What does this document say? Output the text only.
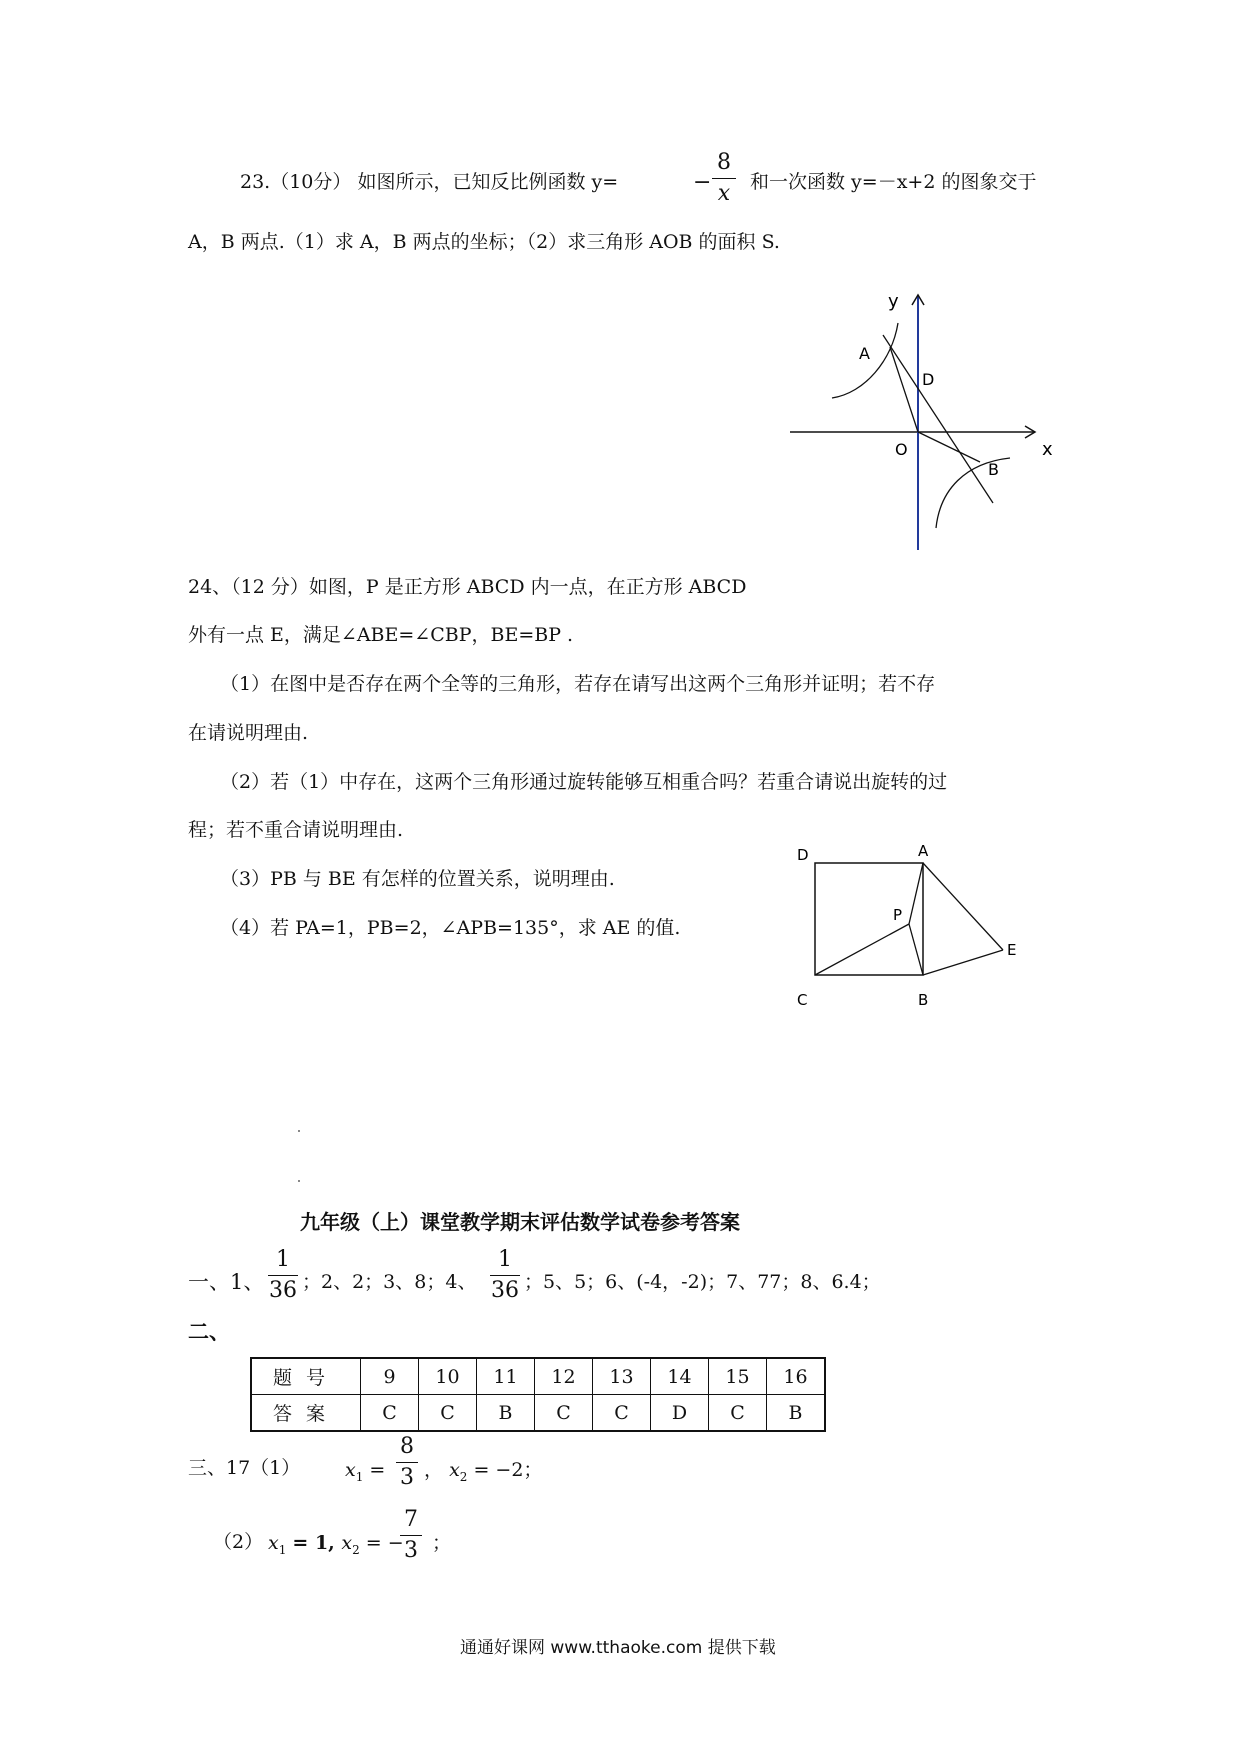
23.（10分） 如图所示，已知反比例函数 y=	−
8
x	和一次函数 y=－x+2 的图象交于
A，B 两点.（1）求 A，B 两点的坐标；（2）求三角形 AOB 的面积 S.
y
x
A
D
O
B
24、（12 分）如图，P 是正方形 ABCD 内一点，在正方形 ABCD
外有一点 E，满足∠ABE=∠CBP，BE=BP .
（1）在图中是否存在两个全等的三角形，若存在请写出这两个三角形并证明；若不存
在请说明理由.
（2）若（1）中存在，这两个三角形通过旋转能够互相重合吗？若重合请说出旋转的过
程；若不重合请说明理由.
（3）PB 与 BE 有怎样的位置关系，说明理由.
（4）若 PA=1，PB=2，∠APB=135°，求 AE 的值.
D	A
P
E
C	B
九年级（上）课堂教学期末评估数学试卷参考答案
一、1、
1
36 ；2、2；3、8；4、
1
36 ；5、5；6、(-4，-2)；7、77；8、6.4；
二、
题号	9	10	11	12	13	14	15	16
答案	C	C	B	C	C	D	C	B
三、17（1） $x_1$ =
8
3 ， $x_2 = -2$；
（2） $x_1 = 1$, $x_2$ = −
7
3 ；
通通好课网 www.tthaoke.com 提供下载
